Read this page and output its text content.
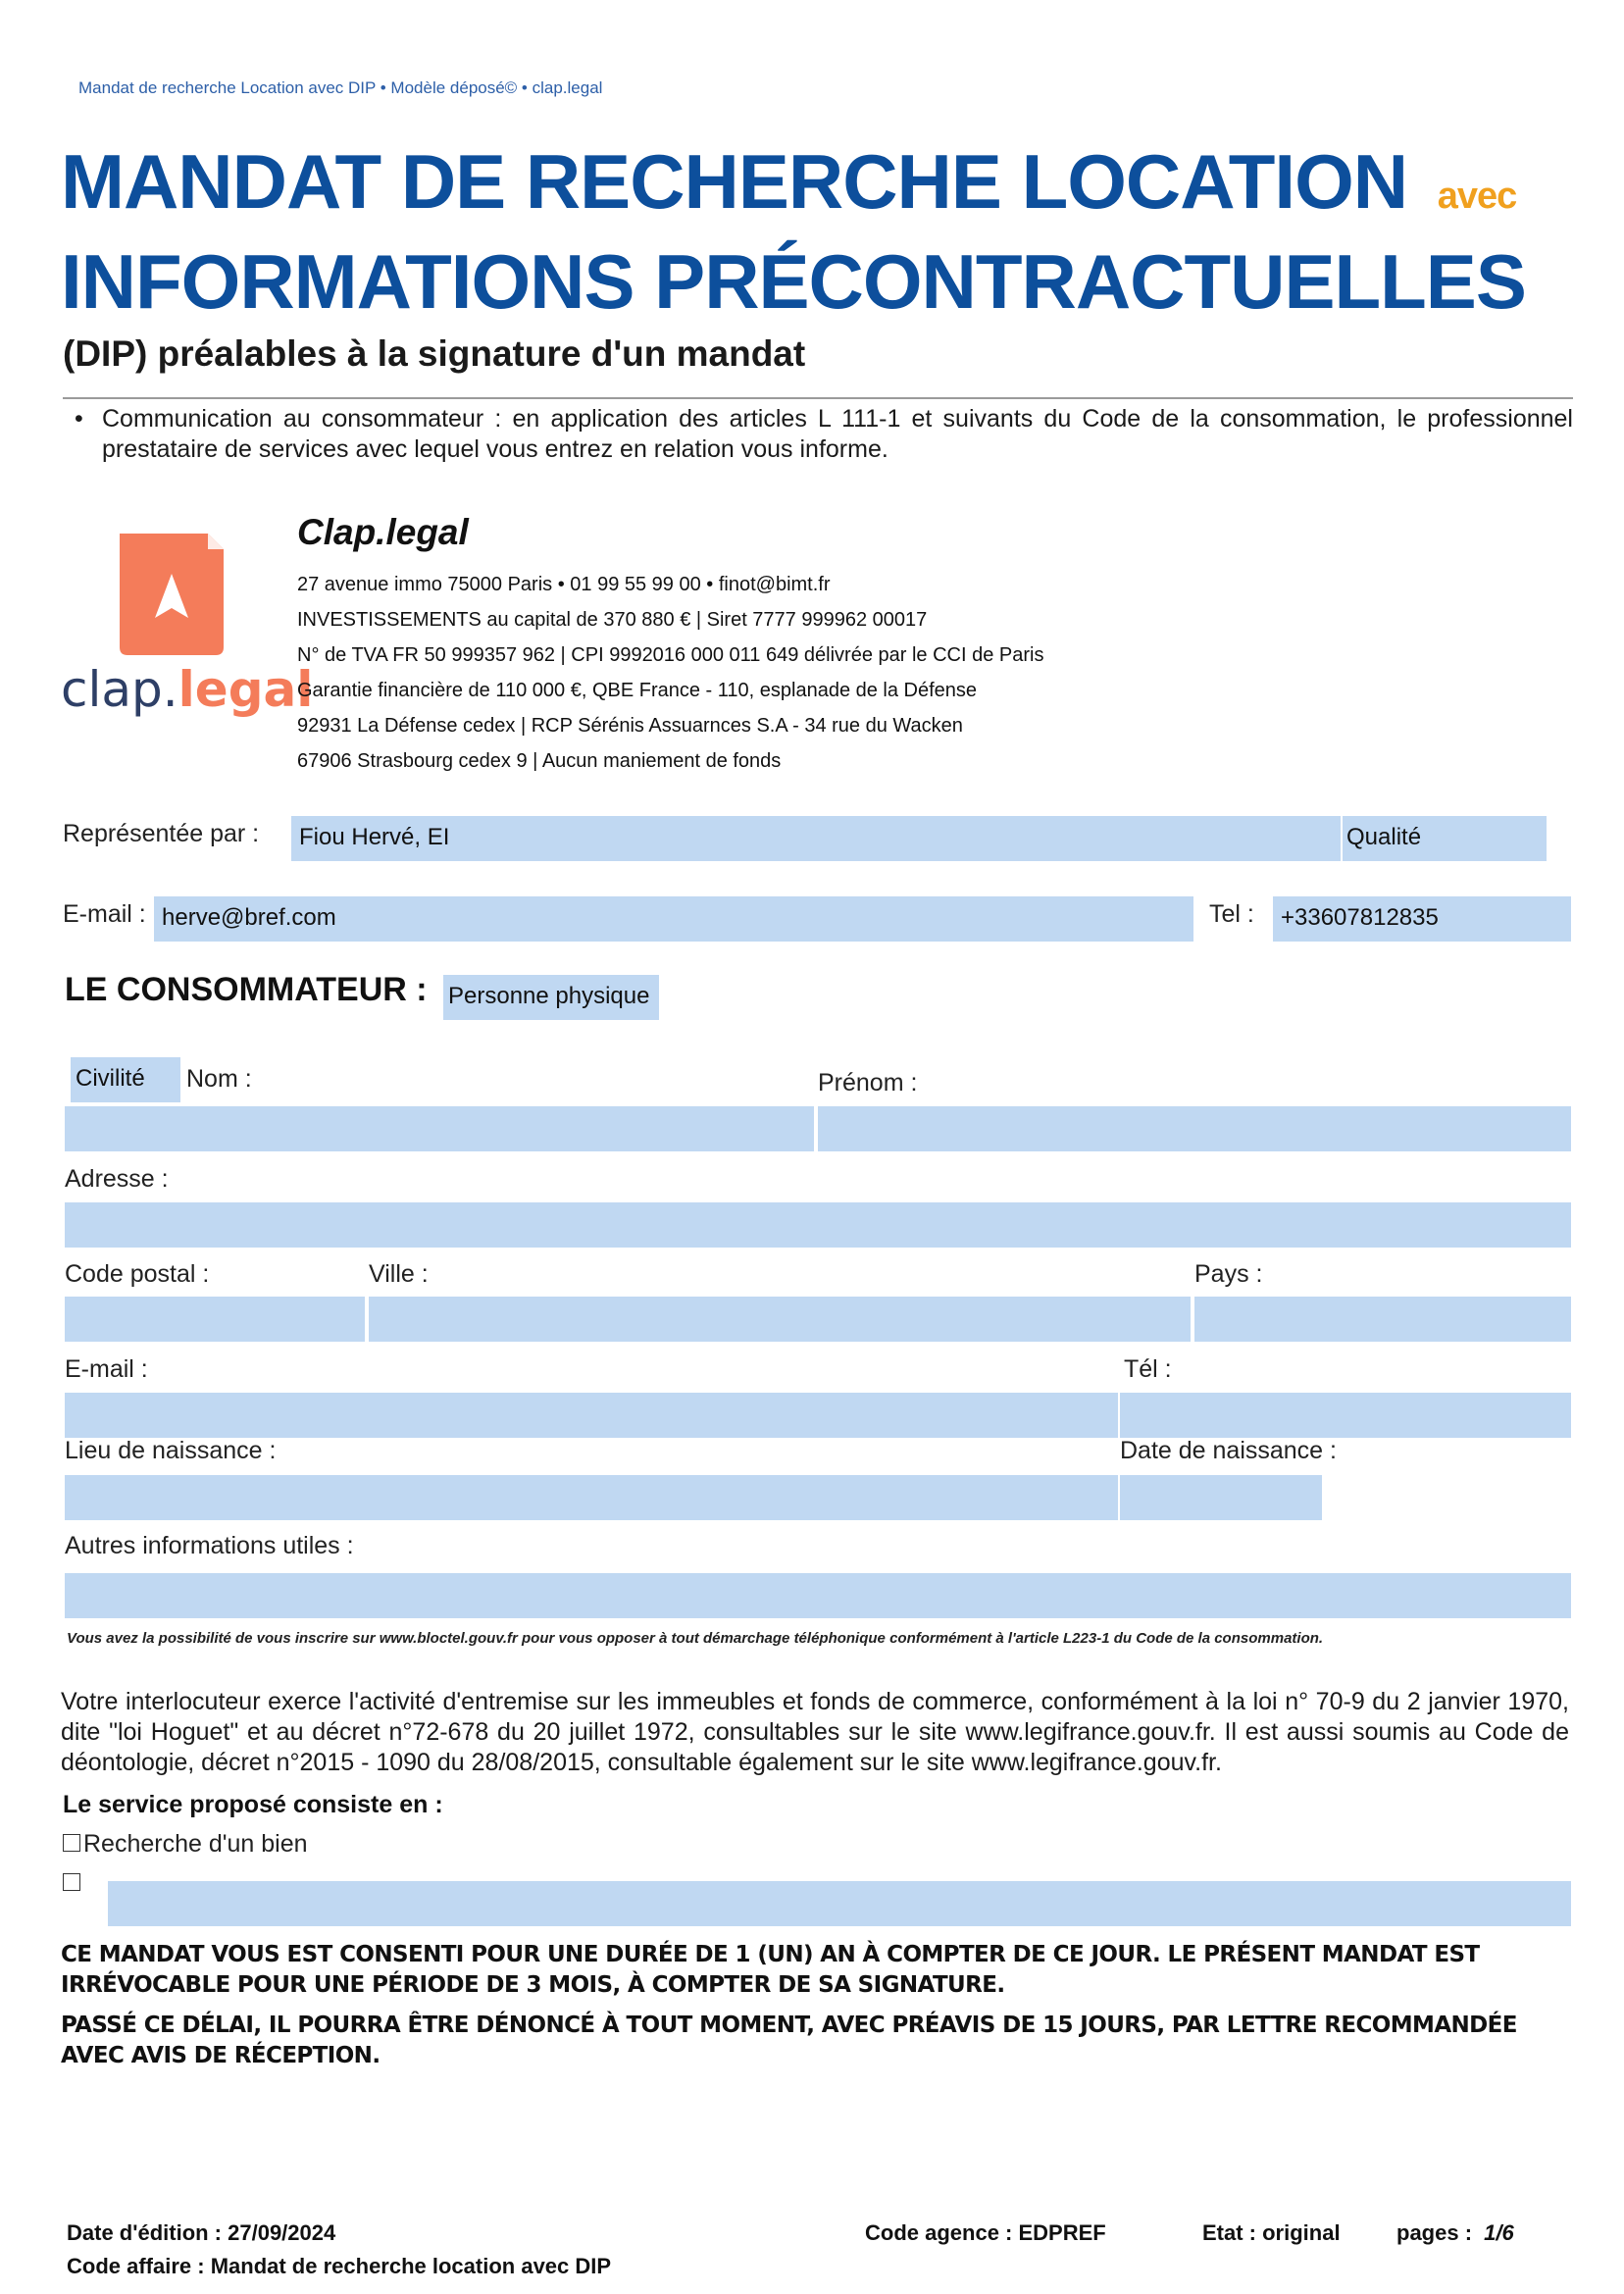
Mandat de recherche Location avec DIP • Modèle déposé© • clap.legal
MANDAT DE RECHERCHE LOCATION avec
INFORMATIONS PRÉCONTRACTUELLES
(DIP) préalables à la signature d'un mandat
• Communication au consommateur : en application des articles L 111-1 et suivants du Code de la consommation, le professionnel prestataire de services avec lequel vous entrez en relation vous informe.
clap.legal
Clap.legal
27 avenue immo 75000 Paris • 01 99 55 99 00 • finot@bimt.fr
INVESTISSEMENTS au capital de 370 880 € | Siret 7777 999962 00017
N° de TVA FR 50 999357 962 | CPI 9992016 000 011 649 délivrée par le CCI de Paris
Garantie financière de 110 000 €, QBE France - 110, esplanade de la Défense
92931 La Défense cedex | RCP Sérénis Assuarnces S.A - 34 rue du Wacken
67906 Strasbourg cedex 9 | Aucun maniement de fonds
Représentée par :	Fiou Hervé, EI	Qualité
E-mail : herve@bref.com	Tel :	+33607812835
LE CONSOMMATEUR : Personne physique
Civilité	Nom :	Prénom :
Adresse :
Code postal :	Ville :	Pays :
E-mail :	Tél :
Lieu de naissance :	Date de naissance :
Autres informations utiles :
Vous avez la possibilité de vous inscrire sur www.bloctel.gouv.fr pour vous opposer à tout démarchage téléphonique conformément à l'article L223-1 du Code de la consommation.
Votre interlocuteur exerce l'activité d'entremise sur les immeubles et fonds de commerce, conformément à la loi n° 70-9 du 2 janvier 1970, dite "loi Hoguet" et au décret n°72-678 du 20 juillet 1972, consultables sur le site www.legifrance.gouv.fr. Il est aussi soumis au Code de déontologie, décret n°2015 - 1090 du 28/08/2015, consultable également sur le site www.legifrance.gouv.fr.
Le service proposé consiste en :
Recherche d'un bien
CE MANDAT VOUS EST CONSENTI POUR UNE DURÉE DE 1 (UN) AN À COMPTER DE CE JOUR. LE PRÉSENT MANDAT EST IRRÉVOCABLE POUR UNE PÉRIODE DE 3 MOIS, À COMPTER DE SA SIGNATURE.
PASSÉ CE DÉLAI, IL POURRA ÊTRE DÉNONCÉ À TOUT MOMENT, AVEC PRÉAVIS DE 15 JOURS, PAR LETTRE RECOMMANDÉE AVEC AVIS DE RÉCEPTION.
Date d'édition : 27/09/2024
Code affaire : Mandat de recherche location avec DIP
Code agence : EDPREF	Etat : original	pages : 1/6
